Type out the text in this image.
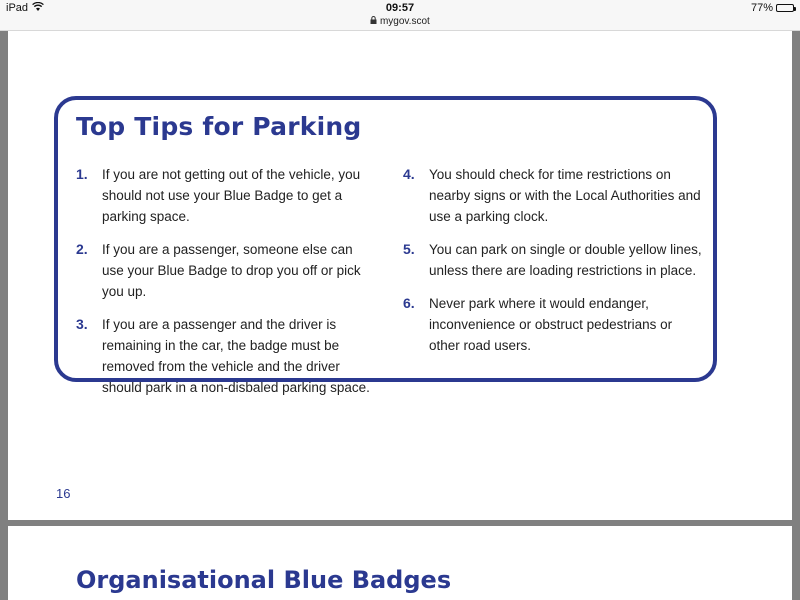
iPad	09:57
mygov.scot
77%
Top Tips for Parking
1. If you are not getting out of the vehicle, you should not use your Blue Badge to get a parking space.
2. If you are a passenger, someone else can use your Blue Badge to drop you off or pick you up.
3. If you are a passenger and the driver is remaining in the car, the badge must be removed from the vehicle and the driver should park in a non-disbaled parking space.
4. You should check for time restrictions on nearby signs or with the Local Authorities and use a parking clock.
5. You can park on single or double yellow lines, unless there are loading restrictions in place.
6. Never park where it would endanger, inconvenience or obstruct pedestrians or other road users.
16
Organisational Blue Badges
